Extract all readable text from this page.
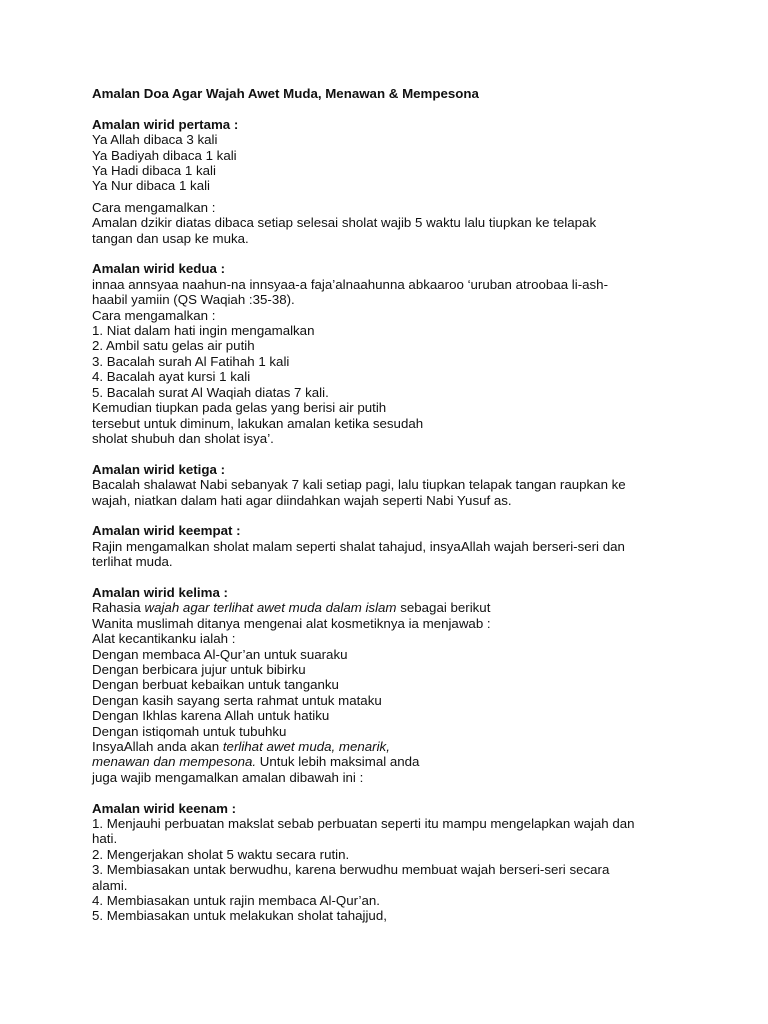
Amalan Doa Agar Wajah Awet Muda, Menawan & Mempesona
Amalan wirid pertama :
Ya Allah dibaca 3 kali
Ya Badiyah dibaca 1 kali
Ya Hadi dibaca 1 kali
Ya Nur dibaca 1 kali
Cara mengamalkan :
Amalan dzikir diatas dibaca setiap selesai sholat wajib 5 waktu lalu tiupkan ke telapak
tangan dan usap ke muka.
Amalan wirid kedua :
innaa annsyaa naahun-na innsyaa-a faja’alnaahunna abkaaroo ‘uruban atroobaa li-ash-
haabil yamiin (QS Waqiah :35-38).
Cara mengamalkan :
1. Niat dalam hati ingin mengamalkan
2. Ambil satu gelas air putih
3. Bacalah surah Al Fatihah 1 kali
4. Bacalah ayat kursi 1 kali
5. Bacalah surat Al Waqiah diatas 7 kali.
Kemudian tiupkan pada gelas yang berisi air putih
tersebut untuk diminum, lakukan amalan ketika sesudah
sholat shubuh dan sholat isya’.
Amalan wirid ketiga :
Bacalah shalawat Nabi sebanyak 7 kali setiap pagi, lalu tiupkan telapak tangan raupkan ke
wajah, niatkan dalam hati agar diindahkan wajah seperti Nabi Yusuf as.
Amalan wirid keempat :
Rajin mengamalkan sholat malam seperti shalat tahajud, insyaAllah wajah berseri-seri dan
terlihat muda.
Amalan wirid kelima :
Rahasia wajah agar terlihat awet muda dalam islam sebagai berikut
Wanita muslimah ditanya mengenai alat kosmetiknya ia menjawab :
Alat kecantikanku ialah :
Dengan membaca Al-Qur’an untuk suaraku
Dengan berbicara jujur untuk bibirku
Dengan berbuat kebaikan untuk tanganku
Dengan kasih sayang serta rahmat untuk mataku
Dengan Ikhlas karena Allah untuk hatiku
Dengan istiqomah untuk tubuhku
InsyaAllah anda akan terlihat awet muda, menarik,
menawan dan mempesona. Untuk lebih maksimal anda
juga wajib mengamalkan amalan dibawah ini :
Amalan wirid keenam :
1. Menjauhi perbuatan makslat sebab perbuatan seperti itu mampu mengelapkan wajah dan
hati.
2. Mengerjakan sholat 5 waktu secara rutin.
3. Membiasakan untak berwudhu, karena berwudhu membuat wajah berseri-seri secara
alami.
4. Membiasakan untuk rajin membaca Al-Qur’an.
5. Membiasakan untuk melakukan sholat tahajjud,
